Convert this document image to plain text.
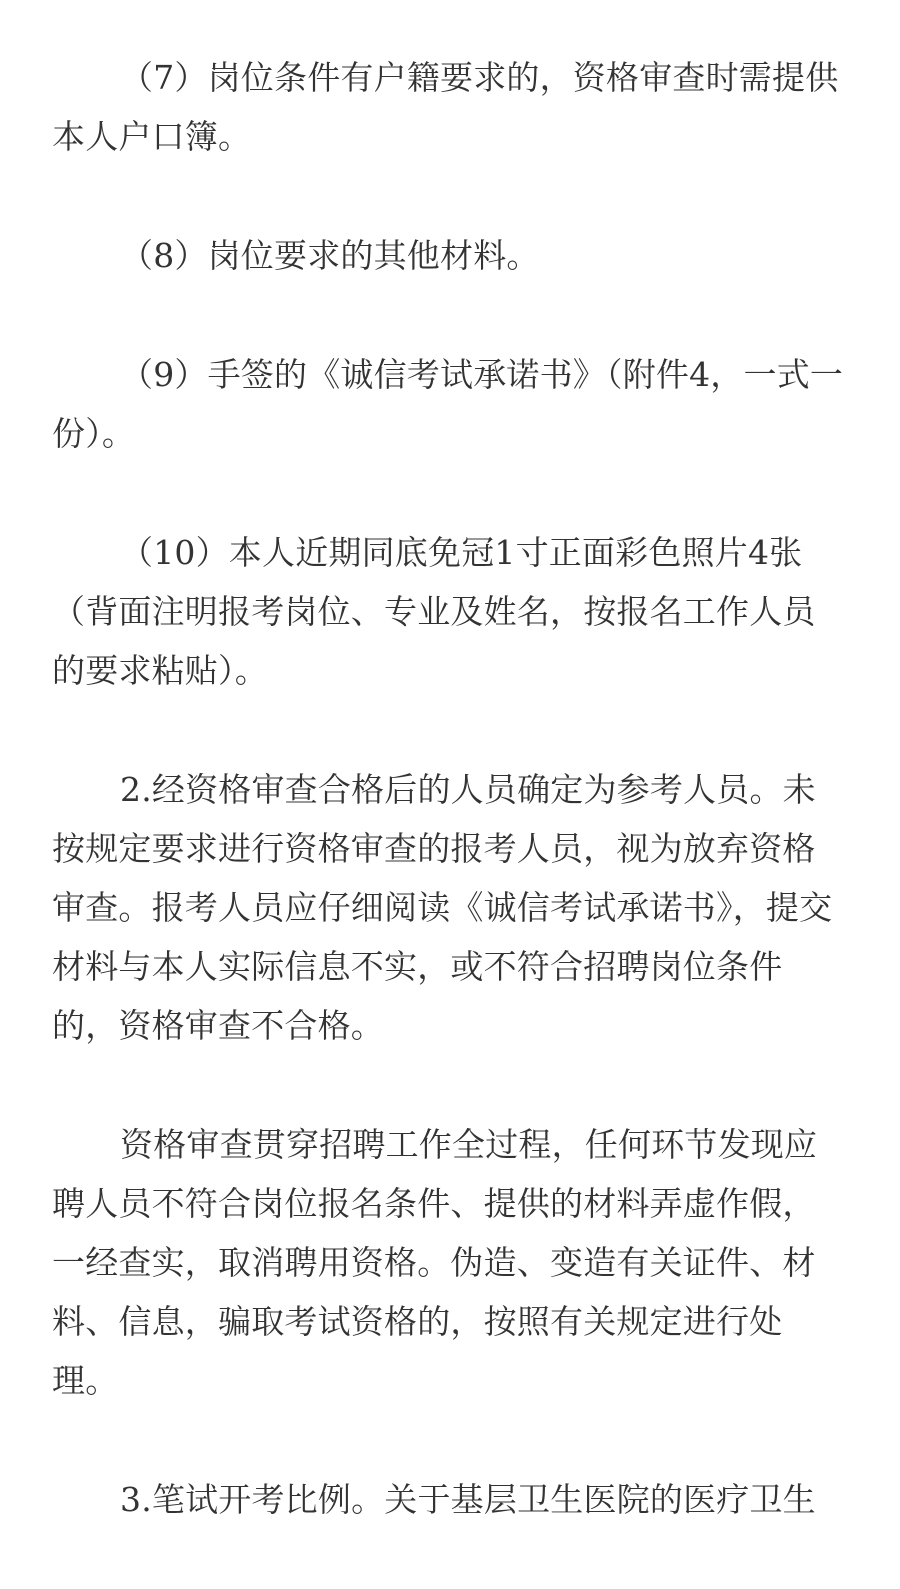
（7）岗位条件有户籍要求的，资格审查时需提供
本人户口簿。
（8）岗位要求的其他材料。
（9）手签的《诚信考试承诺书》（附件4，一式一
份）。
（10）本人近期同底免冠1寸正面彩色照片4张
（背面注明报考岗位、专业及姓名，按报名工作人员
的要求粘贴）。
2.经资格审查合格后的人员确定为参考人员。未
按规定要求进行资格审查的报考人员，视为放弃资格
审查。报考人员应仔细阅读《诚信考试承诺书》，提交
材料与本人实际信息不实，或不符合招聘岗位条件
的，资格审查不合格。
资格审查贯穿招聘工作全过程，任何环节发现应
聘人员不符合岗位报名条件、提供的材料弄虚作假，
一经查实，取消聘用资格。伪造、变造有关证件、材
料、信息，骗取考试资格的，按照有关规定进行处
理。
3.笔试开考比例。关于基层卫生医院的医疗卫生
